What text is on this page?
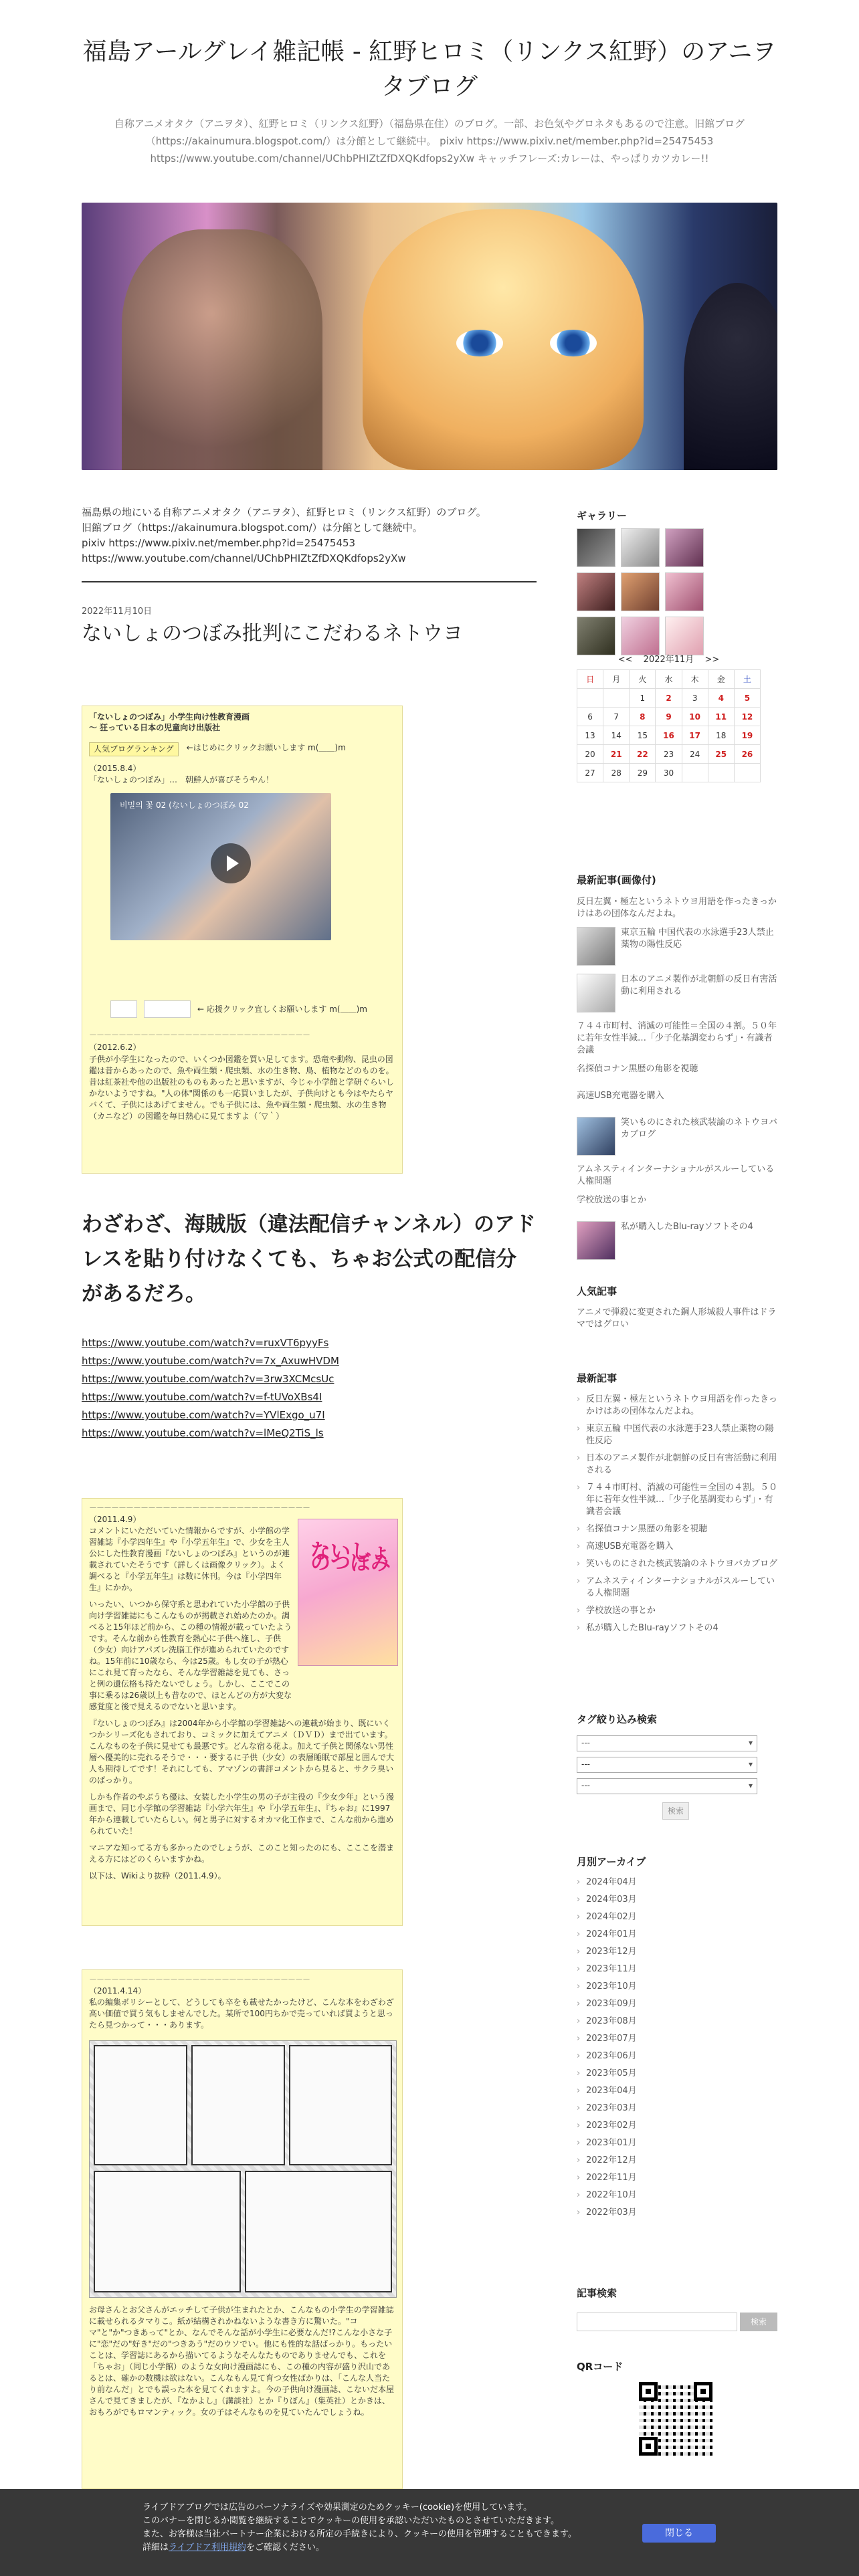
福島アールグレイ雑記帳 - 紅野ヒロミ（リンクス紅野）のアニヲタブログ

自称アニメオタク（アニヲタ）、紅野ヒロミ（リンクス紅野）（福島県在住）のブログ。一部、お色気やグロネタもあるので注意。旧館ブログ（https://akainumura.blogspot.com/）は分館として継続中。 pixiv https://www.pixiv.net/member.php?id=25475453 https://www.youtube.com/channel/UChbPHIZtZfDXQKdfops2yXw キャッチフレーズ:カレーは、やっぱりカツカレー!!

福島県の地にいる自称アニメオタク（アニヲタ）、紅野ヒロミ（リンクス紅野）のブログ。
旧館ブログ（https://akainumura.blogspot.com/）は分館として継続中。
pixiv https://www.pixiv.net/member.php?id=25475453
https://www.youtube.com/channel/UChbPHIZtZfDXQKdfops2yXw
2022年11月10日
ないしょのつぼみ批判にこだわるネトウヨ
「ないしょのつぼみ」小学生向け性教育漫画
～ 狂っている日本の児童向け出版社
人気ブログランキング	←はじめにクリックお願いします m(＿＿)m
（2015.8.4）
「ないしょのつぼみ」…　朝鮮人が喜びそうやん！
비밀의 꽃 02 (ないしょのつぼみ 02
← 応援クリック宜しくお願いします m(＿＿)m
－－－－－－－－－－－－－－－－－－－－－－－－－－－－－－
（2012.6.2）
子供が小学生になったので、いくつか図鑑を買い足してます。恐竜や動物、昆虫の図鑑は昔からあったので、魚や両生類・爬虫類、水の生き物、鳥、植物などのものを。昔は紅茶社や他の出版社のものもあったと思いますが、今じゃ小学館と学研ぐらいしかないようですね。"人の体"関係のも一応買いましたが、子供向けとも今はやたらヤバくて、子供にはあげてません。でも子供には、魚や両生類・爬虫類、水の生き物（カニなど）の図鑑を毎日熱心に見てますよ（´▽｀）
わざわざ、海賊版（違法配信チャンネル）のアドレスを貼り付けなくても、ちゃお公式の配信分があるだろ。
https://www.youtube.com/watch?v=ruxVT6pyyFs
https://www.youtube.com/watch?v=7x_AxuwHVDM
https://www.youtube.com/watch?v=3rw3XCMcsUc
https://www.youtube.com/watch?v=f-tUVoXBs4I
https://www.youtube.com/watch?v=YVlExgo_u7I
https://www.youtube.com/watch?v=lMeQ2TiS_ls
－－－－－－－－－－－－－－－－－－－－－－－－－－－－－－
（2011.4.9）
コメントにいただいていた情報からですが、小学館の学習雑誌『小学四年生』や『小学五年生』で、少女を主人公にした性教育漫画『ないしょのつぼみ』というのが連載されていたそうです（詳しくは画像クリック）。よく調べると『小学五年生』は数に休刊。今は『小学四年生』にかか。
いったい、いつから保守系と思われていた小学館の子供向け学習雑誌にもこんなものが掲載され始めたのか。調べると15年ほど前から、この種の情報が載っていたようです。そんな前から性教育を熱心に子供へ施し、子供（少女）向けアパズレ洗脳工作が進められていたのですね。15年前に10歳なら、今は25歳。もし女の子が熱心にこれ見て育ったなら、そんな学習雑誌を見ても、さっと例の遺伝格も持たないでしょう。しかし、ここでこの事に乗るは26歳以上も昔なので、ほとんどの方が大変な感覚度と後で見えるのでないと思います。
『ないしょのつぼみ』は2004年から小学館の学習雑誌への連載が始まり、既にいくつかシリーズ化もされており、コミックに加えてアニメ（ＤＶＤ）まで出ています。こんなものを子供に見せても最悪です。どんな宿る花よ。加えて子供と関係ない男性層へ優美的に売れるそうで・・・要するに子供（少女）の表層睡眠で部屋と囲んで大人も期待してです！それにしても、アマゾンの書評コメントから見ると、サクラ臭いのばっかり。
しかも作者のやぶうち優は、女装した小学生の男の子が主役の『少女少年』という漫画まで、同じ小学館の学習雑誌『小学六年生』や『小学五年生』、『ちゃお』に1997年から連載していたらしい。何と男子に対するオカマ化工作まで、こんな前から進められていた！
マニアな知ってる方も多かったのでしょうが、このこと知ったのにも、こここを潜まえる方にはどのくらいますかね。
以下は、Wikiより抜粋（2011.4.9）。
ないしょのつぼみ
－－－－－－－－－－－－－－－－－－－－－－－－－－－－－－
（2011.4.14）
私の編集ボリシーとして、どうしても卒をも載せたかったけど、こんな本をわざわざ高い価値で買う気もしませんでした。某所で100円ちかで売っていれば買ようと思ったら見つかって・・・あります。
お母さんとお父さんがエッチして子供が生まれたとか、こんなもの小学生の学習雑誌に載せられるタマりこ。紙が結構されかねないような書き方に驚いた。"コマ"と"か"つきあって"とか、なんでそんな話が小学生に必要なんだ!?こんな小さな子に"恋"だの"好き"だの"つきあう"だのウソでい。他にも性的な話ばっかり。もったいことは、学習誌にあるから描いてるようなそんなたものでありませんでも、これを「ちゃお」（同じ小学館）のような女向け漫画誌にも、この種の内容が盛り沢山であるとは、確かの数機は欲はない。こんなもん見て育つ女性ばかりは、「こんな人当たり前なんだ」とでも誤った本を見てくれますよ。今の子供向け漫画誌、こないだ本屋さんで見てきましたが、『なかよし』（講談社）とか『りぼん』（集英社）とかきは、おもろがでもロマンティック。女の子はそんなものを見ていたんでしょうね。
ギャラリー
<< 2022年11月 >>
日	月	火	水	木	金	土
		1	2	3	4	5
6	7	8	9	10	11	12
13	14	15	16	17	18	19
20	21	22	23	24	25	26
27	28	29	30			
最新記事(画像付)
反日左翼・極左というネトウヨ用語を作ったきっかけはあの団体なんだよね。
東京五輪 中国代表の水泳選手23人禁止薬物の陽性反応
日本のアニメ製作が北朝鮮の反日有害活動に利用される
７４４市町村、消滅の可能性＝全国の４割。５０年に若年女性半減…「少子化基調変わらず」・有識者会議
名探偵コナン黒歴の角影を視聴
高速USB充電器を購入
笑いものにされた核武装論のネトウヨバカブログ
アムネスティインターナショナルがスルーしている人権問題
学校放送の事とか
私が購入したBlu-rayソフトその4
人気記事
アニメで弾殺に変更された鋼人形城殺人事件はドラマではグロい
最新記事
› 反日左翼・極左というネトウヨ用語を作ったきっかけはあの団体なんだよね。
› 東京五輪 中国代表の水泳選手23人禁止薬物の陽性反応
› 日本のアニメ製作が北朝鮮の反日有害活動に利用される
› ７４４市町村、消滅の可能性＝全国の４割。５０年に若年女性半減…「少子化基調変わらず」・有識者会議
› 名探偵コナン黒歴の角影を視聴
› 高速USB充電器を購入
› 笑いものにされた核武装論のネトウヨバカブログ
› アムネスティインターナショナルがスルーしている人権問題
› 学校放送の事とか
› 私が購入したBlu-rayソフトその4
タグ絞り込み検索
--- ▾
--- ▾
--- ▾
検索
月別アーカイブ
› 2024年04月
› 2024年03月
› 2024年02月
› 2024年01月
› 2023年12月
› 2023年11月
› 2023年10月
› 2023年09月
› 2023年08月
› 2023年07月
› 2023年06月
› 2023年05月
› 2023年04月
› 2023年03月
› 2023年02月
› 2023年01月
› 2022年12月
› 2022年11月
› 2022年10月
› 2022年03月
記事検索
検索
QRコード
ライブドアブログでは広告のパーソナライズや効果測定のためクッキー(cookie)を使用しています。
このバナーを閉じるか閲覧を継続することでクッキーの使用を承認いただいたものとさせていただきます。
また、お客様は当社パートナー企業における所定の手続きにより、クッキーの使用を管理することもできます。
詳細はライブドア利用規約をご確認ください。
閉じる
